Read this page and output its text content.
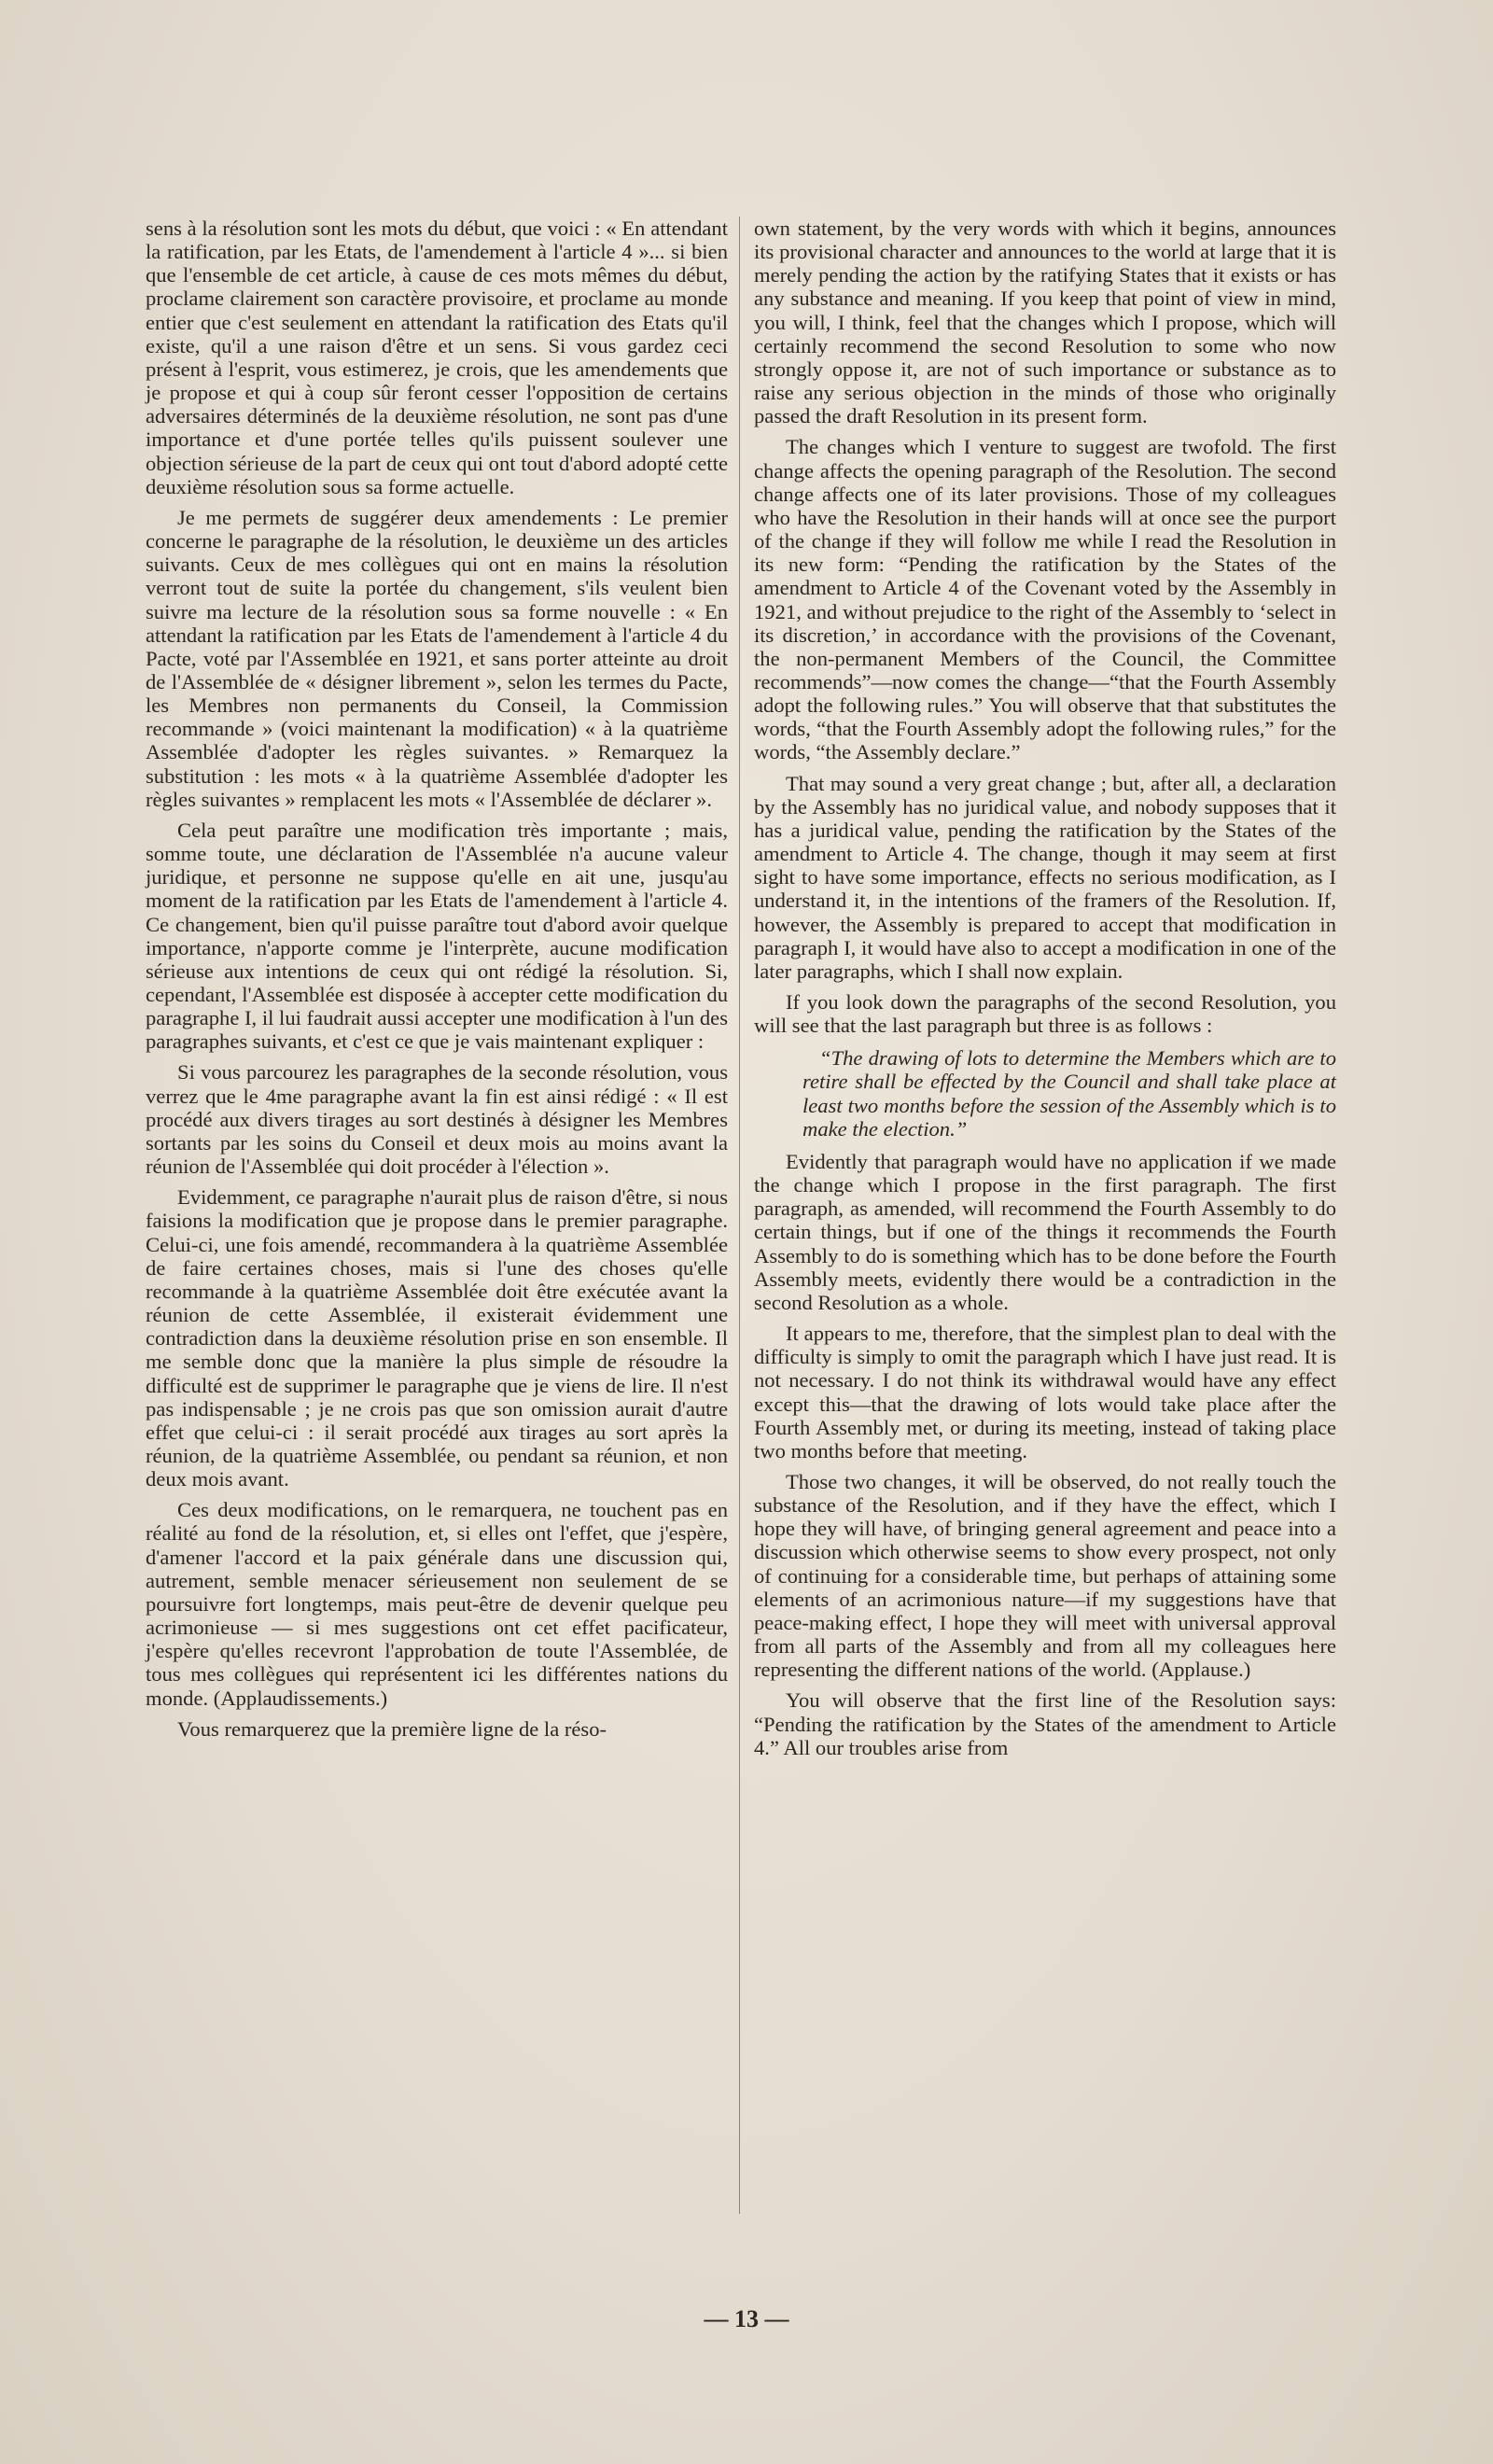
sens à la résolution sont les mots du début, que voici : « En attendant la ratification, par les Etats, de l'amendement à l'article 4 »... si bien que l'ensemble de cet article, à cause de ces mots mêmes du début, proclame clairement son caractère provisoire, et proclame au monde entier que c'est seulement en attendant la ratification des Etats qu'il existe, qu'il a une raison d'être et un sens. Si vous gardez ceci présent à l'esprit, vous estimerez, je crois, que les amendements que je propose et qui à coup sûr feront cesser l'opposition de certains adversaires déterminés de la deuxième résolution, ne sont pas d'une importance et d'une portée telles qu'ils puissent soulever une objection sérieuse de la part de ceux qui ont tout d'abord adopté cette deuxième résolution sous sa forme actuelle.

Je me permets de suggérer deux amendements : Le premier concerne le paragraphe de la résolution, le deuxième un des articles suivants. Ceux de mes collègues qui ont en mains la résolution verront tout de suite la portée du changement, s'ils veulent bien suivre ma lecture de la résolution sous sa forme nouvelle : « En attendant la ratification par les Etats de l'amendement à l'article 4 du Pacte, voté par l'Assemblée en 1921, et sans porter atteinte au droit de l'Assemblée de « désigner librement », selon les termes du Pacte, les Membres non permanents du Conseil, la Commission recommande » (voici maintenant la modification) « à la quatrième Assemblée d'adopter les règles suivantes. » Remarquez la substitution : les mots « à la quatrième Assemblée d'adopter les règles suivantes » remplacent les mots « l'Assemblée de déclarer ».

Cela peut paraître une modification très importante ; mais, somme toute, une déclaration de l'Assemblée n'a aucune valeur juridique, et personne ne suppose qu'elle en ait une, jusqu'au moment de la ratification par les Etats de l'amendement à l'article 4. Ce changement, bien qu'il puisse paraître tout d'abord avoir quelque importance, n'apporte comme je l'interprète, aucune modification sérieuse aux intentions de ceux qui ont rédigé la résolution. Si, cependant, l'Assemblée est disposée à accepter cette modification du paragraphe I, il lui faudrait aussi accepter une modification à l'un des paragraphes suivants, et c'est ce que je vais maintenant expliquer :

Si vous parcourez les paragraphes de la seconde résolution, vous verrez que le 4me paragraphe avant la fin est ainsi rédigé : « Il est procédé aux divers tirages au sort destinés à désigner les Membres sortants par les soins du Conseil et deux mois au moins avant la réunion de l'Assemblée qui doit procéder à l'élection ».

Evidemment, ce paragraphe n'aurait plus de raison d'être, si nous faisions la modification que je propose dans le premier paragraphe. Celui-ci, une fois amendé, recommandera à la quatrième Assemblée de faire certaines choses, mais si l'une des choses qu'elle recommande à la quatrième Assemblée doit être exécutée avant la réunion de cette Assemblée, il existerait évidemment une contradiction dans la deuxième résolution prise en son ensemble. Il me semble donc que la manière la plus simple de résoudre la difficulté est de supprimer le paragraphe que je viens de lire. Il n'est pas indispensable ; je ne crois pas que son omission aurait d'autre effet que celui-ci : il serait procédé aux tirages au sort après la réunion, de la quatrième Assemblée, ou pendant sa réunion, et non deux mois avant.

Ces deux modifications, on le remarquera, ne touchent pas en réalité au fond de la résolution, et, si elles ont l'effet, que j'espère, d'amener l'accord et la paix générale dans une discussion qui, autrement, semble menacer sérieusement non seulement de se poursuivre fort longtemps, mais peut-être de devenir quelque peu acrimonieuse — si mes suggestions ont cet effet pacificateur, j'espère qu'elles recevront l'approbation de toute l'Assemblée, de tous mes collègues qui représentent ici les différentes nations du monde. (Applaudissements.)

Vous remarquerez que la première ligne de la réso-

own statement, by the very words with which it begins, announces its provisional character and announces to the world at large that it is merely pending the action by the ratifying States that it exists or has any substance and meaning. If you keep that point of view in mind, you will, I think, feel that the changes which I propose, which will certainly recommend the second Resolution to some who now strongly oppose it, are not of such importance or substance as to raise any serious objection in the minds of those who originally passed the draft Resolution in its present form.

The changes which I venture to suggest are twofold. The first change affects the opening paragraph of the Resolution. The second change affects one of its later provisions. Those of my colleagues who have the Resolution in their hands will at once see the purport of the change if they will follow me while I read the Resolution in its new form: “Pending the ratification by the States of the amendment to Article 4 of the Covenant voted by the Assembly in 1921, and without prejudice to the right of the Assembly to ‘select in its discretion,’ in accordance with the provisions of the Covenant, the non-permanent Members of the Council, the Committee recommends”—now comes the change—“that the Fourth Assembly adopt the following rules.” You will observe that that substitutes the words, “that the Fourth Assembly adopt the following rules,” for the words, “the Assembly declare.”

That may sound a very great change ; but, after all, a declaration by the Assembly has no juridical value, and nobody supposes that it has a juridical value, pending the ratification by the States of the amendment to Article 4. The change, though it may seem at first sight to have some importance, effects no serious modification, as I understand it, in the intentions of the framers of the Resolution. If, however, the Assembly is prepared to accept that modification in paragraph I, it would have also to accept a modification in one of the later paragraphs, which I shall now explain.

If you look down the paragraphs of the second Resolution, you will see that the last paragraph but three is as follows :

“The drawing of lots to determine the Members which are to retire shall be effected by the Council and shall take place at least two months before the session of the Assembly which is to make the election.”

Evidently that paragraph would have no application if we made the change which I propose in the first paragraph. The first paragraph, as amended, will recommend the Fourth Assembly to do certain things, but if one of the things it recommends the Fourth Assembly to do is something which has to be done before the Fourth Assembly meets, evidently there would be a contradiction in the second Resolution as a whole.

It appears to me, therefore, that the simplest plan to deal with the difficulty is simply to omit the paragraph which I have just read. It is not necessary. I do not think its withdrawal would have any effect except this—that the drawing of lots would take place after the Fourth Assembly met, or during its meeting, instead of taking place two months before that meeting.

Those two changes, it will be observed, do not really touch the substance of the Resolution, and if they have the effect, which I hope they will have, of bringing general agreement and peace into a discussion which otherwise seems to show every prospect, not only of continuing for a considerable time, but perhaps of attaining some elements of an acrimonious nature—if my suggestions have that peace-making effect, I hope they will meet with universal approval from all parts of the Assembly and from all my colleagues here representing the different nations of the world. (Applause.)

You will observe that the first line of the Resolution says: “Pending the ratification by the States of the amendment to Article 4.” All our troubles arise from

— 13 —
